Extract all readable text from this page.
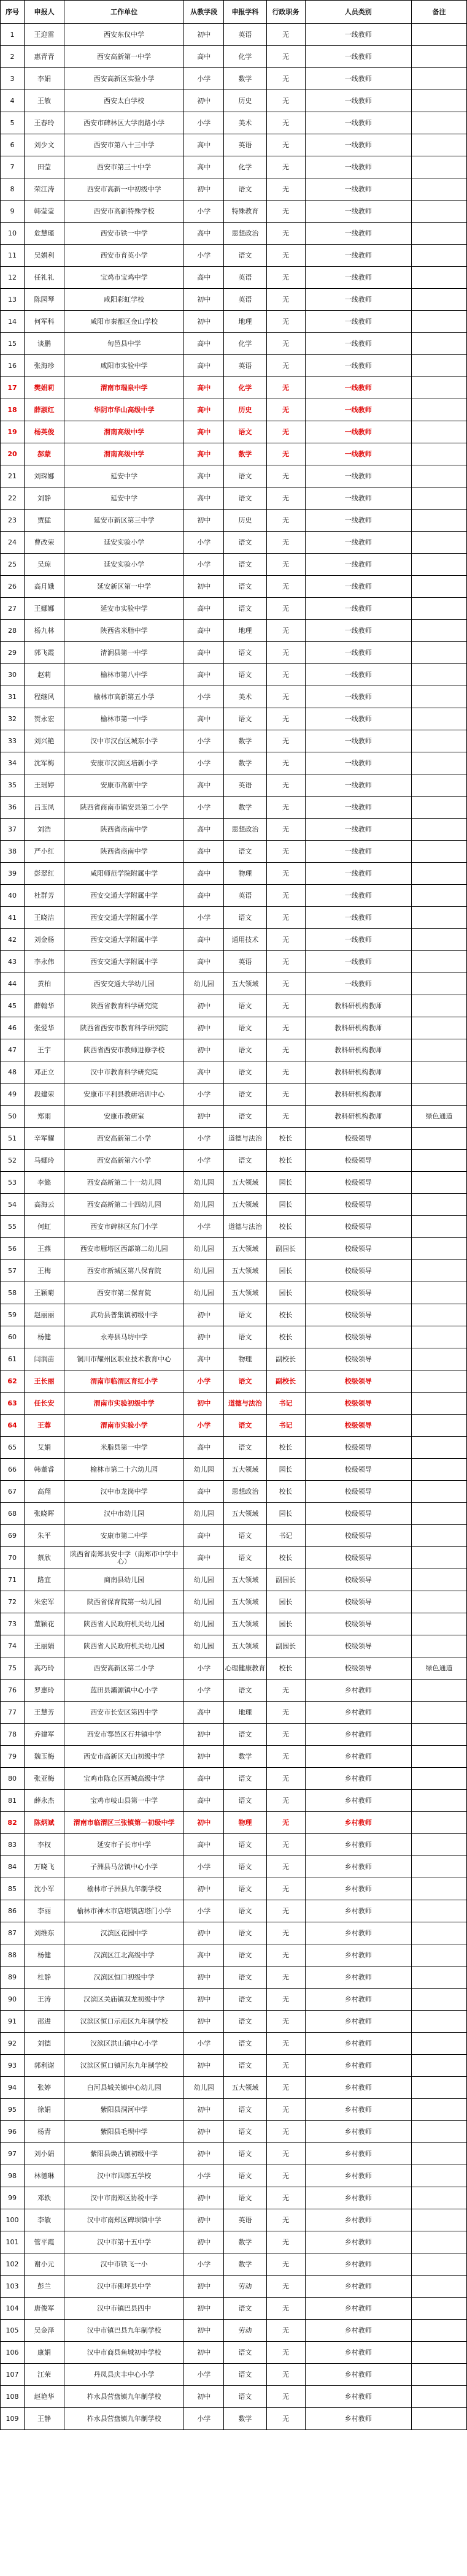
序号	申报人	工作单位	从教学段	申报学科	行政职务	人员类别	备注
1	王迎雷	西安东仪中学	初中	英语	无	一线教师	
2	惠青青	西安高新第一中学	高中	化学	无	一线教师	
3	李娟	西安高新区实验小学	小学	数学	无	一线教师	
4	王敏	西安太白学校	初中	历史	无	一线教师	
5	王春玲	西安市碑林区大学南路小学	小学	美术	无	一线教师	
6	刘少文	西安市第八十三中学	高中	英语	无	一线教师	
7	田莹	西安市第三十中学	高中	化学	无	一线教师	
8	荣江涛	西安市高新一中初级中学	初中	语文	无	一线教师	
9	韩莹莹	西安市高新特殊学校	小学	特殊教育	无	一线教师	
10	危慧瑾	西安市铁一中学	高中	思想政治	无	一线教师	
11	吴娟利	西安市育英小学	小学	语文	无	一线教师	
12	任礼礼	宝鸡市宝鸡中学	高中	英语	无	一线教师	
13	陈园琴	咸阳彩虹学校	初中	英语	无	一线教师	
14	何军科	咸阳市秦都区金山学校	初中	地理	无	一线教师	
15	谈鹏	旬邑县中学	高中	化学	无	一线教师	
16	张海珍	咸阳市实验中学	高中	英语	无	一线教师	
17	樊娟莉	渭南市瑞泉中学	高中	化学	无	一线教师	
18	薛淑红	华阴市华山高级中学	高中	历史	无	一线教师	
19	杨英俊	渭南高级中学	高中	语文	无	一线教师	
20	郝蒙	渭南高级中学	高中	数学	无	一线教师	
21	刘琛娜	延安中学	高中	语文	无	一线教师	
22	刘静	延安中学	高中	语文	无	一线教师	
23	贾猛	延安市新区第三中学	初中	历史	无	一线教师	
24	曹改荣	延安实验小学	小学	语文	无	一线教师	
25	吴琼	延安实验小学	小学	语文	无	一线教师	
26	高月娥	延安新区第一中学	初中	语文	无	一线教师	
27	王娜娜	延安市实验中学	高中	语文	无	一线教师	
28	杨九林	陕西省米脂中学	高中	地理	无	一线教师	
29	郭飞霞	清涧县第一中学	高中	语文	无	一线教师	
30	赵莉	榆林市第八中学	高中	语文	无	一线教师	
31	程继风	榆林市高新第五小学	小学	美术	无	一线教师	
32	贺永宏	榆林市第一中学	高中	语文	无	一线教师	
33	刘兴艳	汉中市汉台区城东小学	小学	数学	无	一线教师	
34	沈军梅	安康市汉滨区培新小学	小学	数学	无	一线教师	
35	王瑶婷	安康市高新中学	高中	英语	无	一线教师	
36	吕玉凤	陕西省商南市镇安县第二小学	小学	数学	无	一线教师	
37	刘浩	陕西省商南中学	高中	思想政治	无	一线教师	
38	严小红	陕西省商南中学	高中	语文	无	一线教师	
39	彭翠红	咸阳师范学院附属中学	高中	物理	无	一线教师	
40	杜群芳	西安交通大学附属中学	高中	英语	无	一线教师	
41	王晓洁	西安交通大学附属小学	小学	语文	无	一线教师	
42	刘金杨	西安交通大学附属中学	高中	通用技术	无	一线教师	
43	李永伟	西安交通大学附属中学	高中	英语	无	一线教师	
44	黄柏	西安交通大学幼儿园	幼儿园	五大领域	无	一线教师	
45	薛翰华	陕西省教育科学研究院	初中	语文	无	教科研机构教师	
46	张爱华	陕西省西安市教育科学研究院	初中	语文	无	教科研机构教师	
47	王宇	陕西省西安市教师进修学校	初中	语文	无	教科研机构教师	
48	邓正立	汉中市教育科学研究院	高中	语文	无	教科研机构教师	
49	段建荣	安康市平利县教研培训中心	小学	语文	无	教科研机构教师	
50	郑雨	安康市教研室	初中	语文	无	教科研机构教师	绿色通道
51	辛军耀	西安高新第二小学	小学	道德与法治	校长	校级领导	
52	马娜玲	西安高新第六小学	小学	语文	校长	校级领导	
53	李懿	西安高新第二十一幼儿园	幼儿园	五大领域	园长	校级领导	
54	高海云	西安高新第二十四幼儿园	幼儿园	五大领域	园长	校级领导	
55	何虹	西安市碑林区东门小学	小学	道德与法治	校长	校级领导	
56	王燕	西安市雁塔区西部第二幼儿园	幼儿园	五大领域	副园长	校级领导	
57	王梅	西安市新城区第八保育院	幼儿园	五大领域	园长	校级领导	
58	王颖菊	西安市第二保育院	幼儿园	五大领域	园长	校级领导	
59	赵丽丽	武功县普集镇初级中学	初中	语文	校长	校级领导	
60	杨健	永寿县马坊中学	初中	语文	校长	校级领导	
61	闫润苗	铜川市耀州区职业技术教育中心	高中	物理	副校长	校级领导	
62	王长丽	渭南市临渭区育红小学	小学	语文	副校长	校级领导	
63	任长安	渭南市实验初级中学	初中	道德与法治	书记	校级领导	
64	王蓉	渭南市实验小学	小学	语文	书记	校级领导	
65	艾娟	米脂县第一中学	高中	语文	校长	校级领导	
66	韩董睿	榆林市第二十六幼儿园	幼儿园	五大领域	园长	校级领导	
67	高翔	汉中市龙岗中学	高中	思想政治	校长	校级领导	
68	张晓晖	汉中市幼儿园	幼儿园	五大领域	园长	校级领导	
69	朱平	安康市第二中学	高中	语文	书记	校级领导	
70	蔡欣	陕西省南郑县安中学（南郑市中学中心）	高中	语文	校长	校级领导	
71	路宜	商南县幼儿园	幼儿园	五大领域	副园长	校级领导	
72	朱宏军	陕西省保育院第一幼儿园	幼儿园	五大领域	园长	校级领导	
73	董颖花	陕西省人民政府机关幼儿园	幼儿园	五大领域	园长	校级领导	
74	王丽娟	陕西省人民政府机关幼儿园	幼儿园	五大领域	副园长	校级领导	
75	高巧玲	西安高新区第二小学	小学	心理健康教育	校长	校级领导	绿色通道
76	罗惠玲	蓝田县灞源镇中心小学	小学	语文	无	乡村教师	
77	王慧芳	西安市长安区第四中学	高中	地理	无	乡村教师	
78	乔建军	西安市鄠邑区石井镇中学	初中	语文	无	乡村教师	
79	魏玉梅	西安市高新区天山初级中学	初中	数学	无	乡村教师	
80	张亚梅	宝鸡市陈仓区西城高级中学	高中	语文	无	乡村教师	
81	薛永杰	宝鸡市岐山县第一中学	高中	语文	无	乡村教师	
82	陈炳斌	渭南市临渭区三张镇第一初级中学	初中	物理	无	乡村教师	
83	李权	延安市子长市中学	高中	语文	无	乡村教师	
84	万晓飞	子洲县马岔镇中心小学	小学	语文	无	乡村教师	
85	沈小军	榆林市子洲县九年制学校	初中	语文	无	乡村教师	
86	李丽	榆林市神木市店塔镇店塔门小学	小学	语文	无	乡村教师	
87	刘维东	汉滨区花园中学	初中	语文	无	乡村教师	
88	杨健	汉滨区江北高级中学	高中	语文	无	乡村教师	
89	杜静	汉滨区恒口初级中学	初中	语文	无	乡村教师	
90	王涛	汉滨区关庙镇双龙初级中学	初中	语文	无	乡村教师	
91	邵进	汉滨区恒口示范区九年制学校	初中	语文	无	乡村教师	
92	刘德	汉滨区洪山镇中心小学	小学	语文	无	乡村教师	
93	郭利谢	汉滨区恒口镇河东九年制学校	初中	语文	无	乡村教师	
94	张婷	白河县城关镇中心幼儿园	幼儿园	五大领域	无	乡村教师	
95	徐娟	紫阳县洞河中学	初中	语文	无	乡村教师	
96	杨青	紫阳县毛坝中学	初中	语文	无	乡村教师	
97	刘小娟	紫阳县焕古镇初级中学	初中	语文	无	乡村教师	
98	林德琳	汉中市四郎五学校	小学	语文	无	乡村教师	
99	邓轶	汉中市南郑区协税中学	初中	语文	无	乡村教师	
100	李敏	汉中市南郑区碑坝镇中学	初中	英语	无	乡村教师	
101	管平霞	汉中市第十五中学	初中	数学	无	乡村教师	
102	谢小元	汉中市铁飞一小	小学	数学	无	乡村教师	
103	彭兰	汉中市佛坪县中学	初中	劳动	无	乡村教师	
104	唐俊军	汉中市镇巴县四中	初中	语文	无	乡村教师	
105	吴金泽	汉中市镇巴县九年制学校	初中	劳动	无	乡村教师	
106	康娟	汉中市商县鱼城初中学校	初中	语文	无	乡村教师	
107	江荣	丹凤县庆丰中心小学	小学	语文	无	乡村教师	
108	赵艳华	柞水县营盘镇九年制学校	初中	语文	无	乡村教师	
109	王静	柞水县营盘镇九年制学校	小学	数学	无	乡村教师	
